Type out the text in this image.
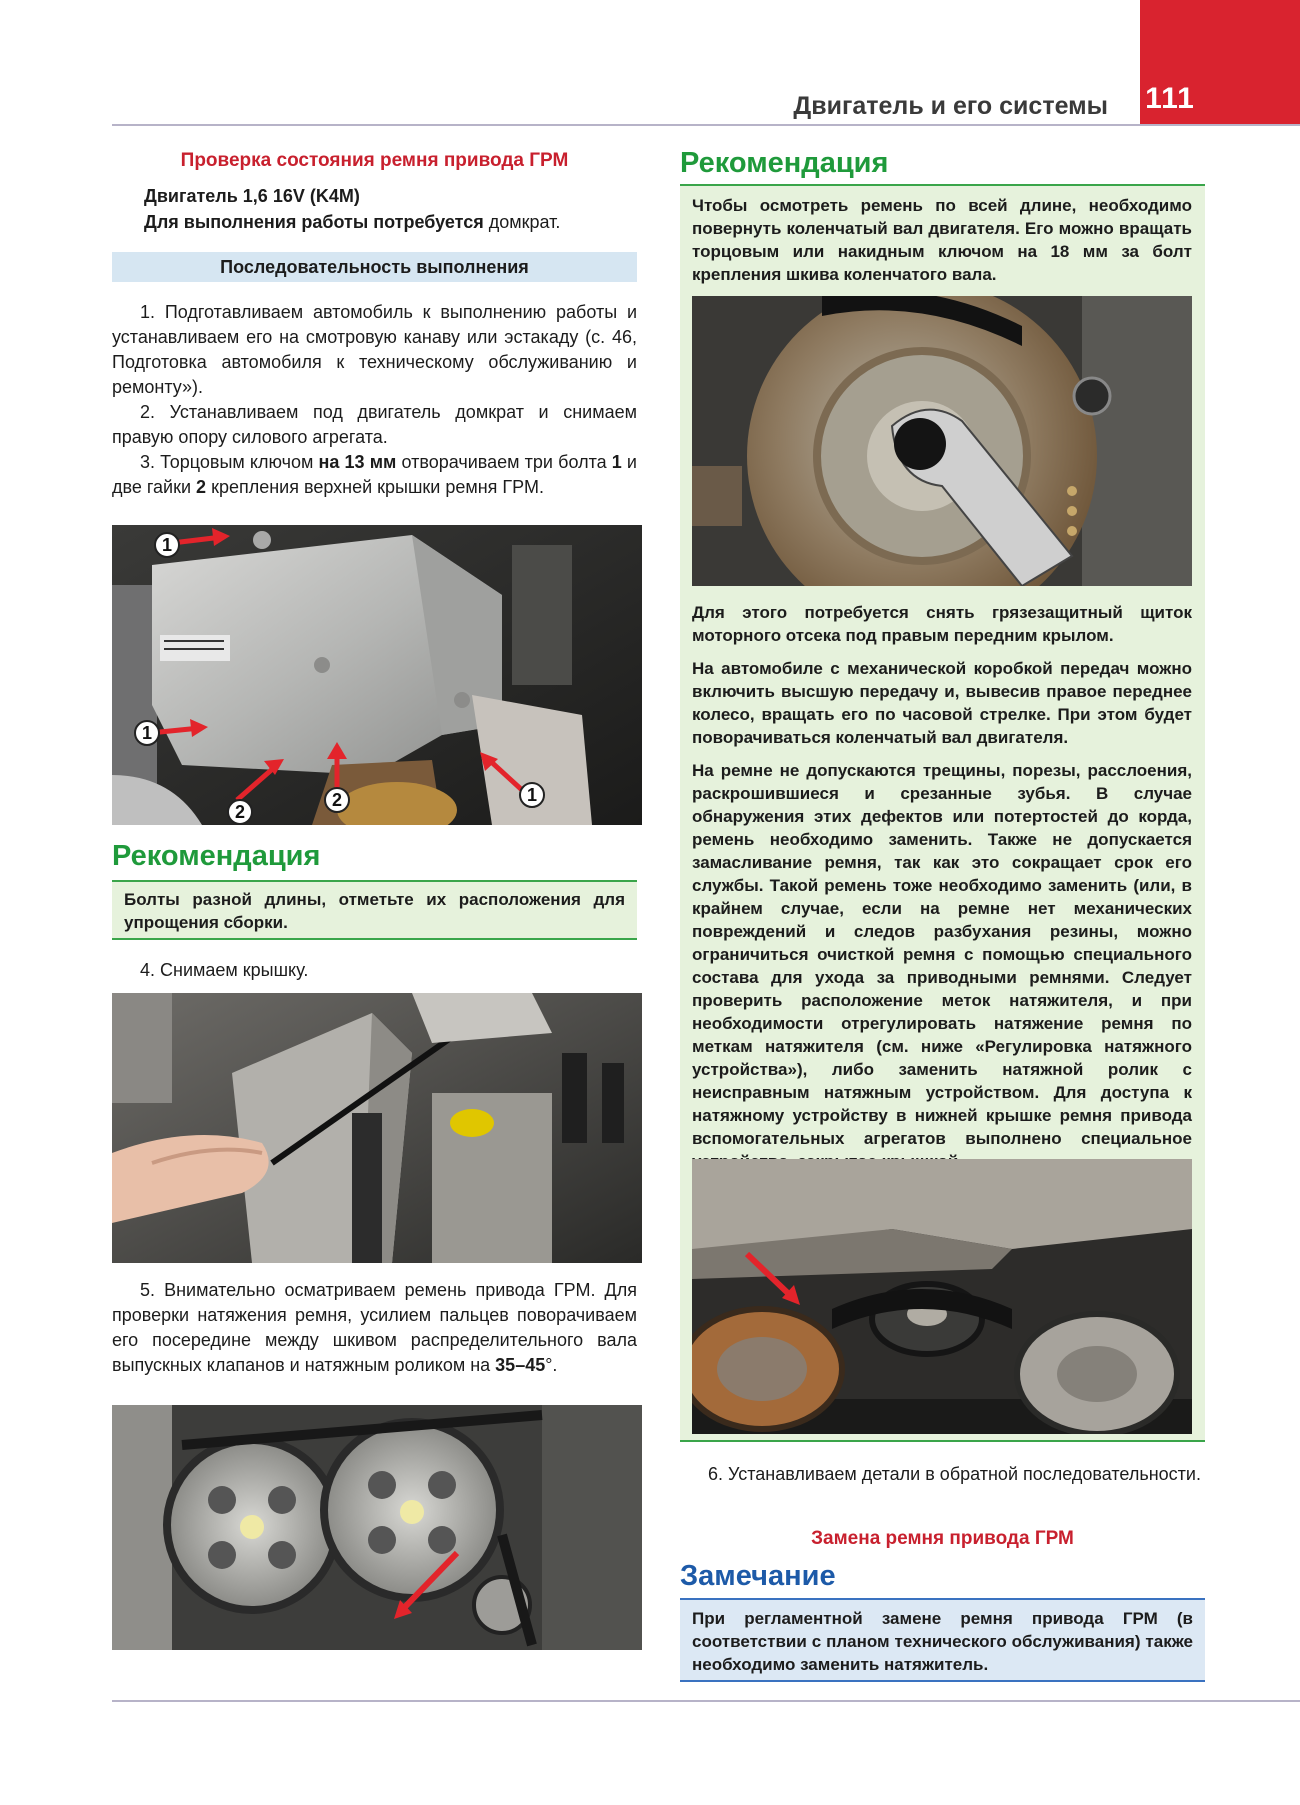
111
Двигатель и его системы
Проверка состояния ремня привода ГРМ
Двигатель 1,6 16V (K4M)
Для выполнения работы потребуется домкрат.
Последовательность выполнения

1. Подготавливаем автомобиль к выполнению работы и устанавливаем его на смотровую канаву или эстакаду (с. 46, Подготовка автомобиля к техническому обслуживанию и ремонту»).

2. Устанавливаем под двигатель домкрат и снимаем правую опору силового агрегата.

3. Торцовым ключом на 13 мм отворачиваем три болта 1 и две гайки 2 крепления верхней крышки ремня ГРМ.

1
1
2
2	1
Рекомендация
Болты разной длины, отметьте их расположения для упрощения сборки.

4. Снимаем крышку.

5. Внимательно осматриваем ремень привода ГРМ. Для проверки натяжения ремня, усилием пальцев поворачиваем его посередине между шкивом распределительного вала выпускных клапанов и натяжным роликом на 35–45°.

Рекомендация

Чтобы осмотреть ремень по всей длине, необходимо повернуть коленчатый вал двигателя. Его можно вращать торцовым или накидным ключом на 18 мм за болт крепления шкива коленчатого вала.

Для этого потребуется снять грязезащитный щиток моторного отсека под правым передним крылом.

На автомобиле с механической коробкой передач можно включить высшую передачу и, вывесив правое переднее колесо, вращать его по часовой стрелке. При этом будет поворачиваться коленчатый вал двигателя.

На ремне не допускаются трещины, порезы, расслоения, раскрошившиеся и срезанные зубья. В случае обнаружения этих дефектов или потертостей до корда, ремень необходимо заменить. Также не допускается замасливание ремня, так как это сокращает срок его службы. Такой ремень тоже необходимо заменить (или, в крайнем случае, если на ремне нет механических повреждений и следов разбухания резины, можно ограничиться очисткой ремня с помощью специального состава для ухода за приводными ремнями. Следует проверить расположение меток натяжителя, и при необходимости отрегулировать натяжение ремня по меткам натяжителя (см. ниже «Регулировка натяжного устройства»), либо заменить натяжной ролик с неисправным натяжным устройством. Для доступа к натяжному устройству в нижней крышке ремня привода вспомогательных агрегатов выполнено специальное

6. Устанавливаем детали в обратной последовательности.

Замена ремня привода ГРМ
Замечание
При регламентной замене ремня привода ГРМ (в соответствии с планом технического обслуживания) также необходимо заменить натяжитель.
